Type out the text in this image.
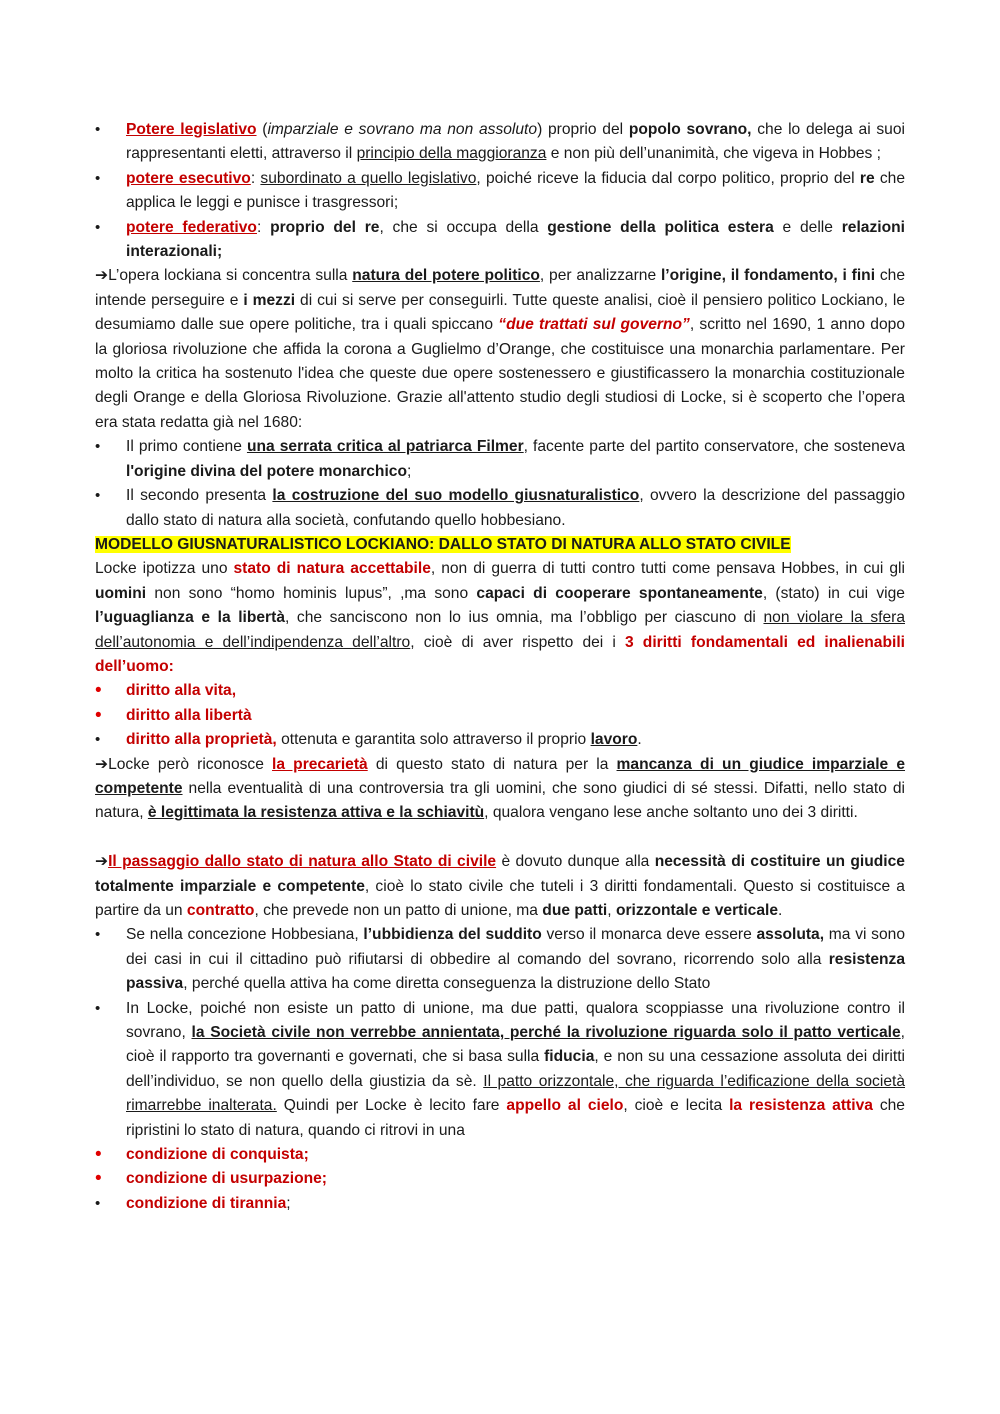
• Potere legislativo (imparziale e sovrano ma non assoluto) proprio del popolo sovrano, che lo delega ai suoi rappresentanti eletti, attraverso il principio della maggioranza e non più dell’unanimità, che vigeva in Hobbes ;
• potere esecutivo: subordinato a quello legislativo, poiché riceve la fiducia dal corpo politico, proprio del re che applica le leggi e punisce i trasgressori;
• potere federativo: proprio del re, che si occupa della gestione della politica estera e delle relazioni interazionali;

➔L’opera lockiana si concentra sulla natura del potere politico, per analizzarne l’origine, il fondamento, i fini che intende perseguire e i mezzi di cui si serve per conseguirli. Tutte queste analisi, cioè il pensiero politico Lockiano, le desumiamo dalle sue opere politiche, tra i quali spiccano “due trattati sul governo”, scritto nel 1690, 1 anno dopo la gloriosa rivoluzione che affida la corona a Guglielmo d’Orange, che costituisce una monarchia parlamentare. Per molto la critica ha sostenuto l'idea che queste due opere sostenessero e giustificassero la monarchia costituzionale degli Orange e della Gloriosa Rivoluzione. Grazie all'attento studio degli studiosi di Locke, si è scoperto che l’opera era stata redatta già nel 1680:

• Il primo contiene una serrata critica al patriarca Filmer, facente parte del partito conservatore, che sosteneva l'origine divina del potere monarchico;
• Il secondo presenta la costruzione del suo modello giusnaturalistico, ovvero la descrizione del passaggio dallo stato di natura alla società, confutando quello hobbesiano.

MODELLO GIUSNATURALISTICO LOCKIANO: DALLO STATO DI NATURA ALLO STATO CIVILE

Locke ipotizza uno stato di natura accettabile, non di guerra di tutti contro tutti come pensava Hobbes, in cui gli uomini non sono “homo hominis lupus”, ,ma sono capaci di cooperare spontaneamente, (stato) in cui vige l’uguaglianza e la libertà, che sanciscono non lo ius omnia, ma l’obbligo per ciascuno di non violare la sfera dell’autonomia e dell’indipendenza dell’altro, cioè di aver rispetto dei i 3 diritti fondamentali ed inalienabili dell’uomo:

• diritto alla vita,
• diritto alla libertà
• diritto alla proprietà, ottenuta e garantita solo attraverso il proprio lavoro.

➔Locke però riconosce la precarietà di questo stato di natura per la mancanza di un giudice imparziale e competente nella eventualità di una controversia tra gli uomini, che sono giudici di sé stessi. Difatti, nello stato di natura, è legittimata la resistenza attiva e la schiavitù, qualora vengano lese anche soltanto uno dei 3 diritti.

➔Il passaggio dallo stato di natura allo Stato di civile è dovuto dunque alla necessità di costituire un giudice totalmente imparziale e competente, cioè lo stato civile che tuteli i 3 diritti fondamentali. Questo si costituisce a partire da un contratto, che prevede non un patto di unione, ma due patti, orizzontale e verticale.

• Se nella concezione Hobbesiana, l’ubbidienza del suddito verso il monarca deve essere assoluta, ma vi sono dei casi in cui il cittadino può rifiutarsi di obbedire al comando del sovrano, ricorrendo solo alla resistenza passiva, perché quella attiva ha come diretta conseguenza la distruzione dello Stato
• In Locke, poiché non esiste un patto di unione, ma due patti, qualora scoppiasse una rivoluzione contro il sovrano, la Società civile non verrebbe annientata, perché la rivoluzione riguarda solo il patto verticale, cioè il rapporto tra governanti e governati, che si basa sulla fiducia, e non su una cessazione assoluta dei diritti dell’individuo, se non quello della giustizia da sè. Il patto orizzontale, che riguarda l’edificazione della società rimarrebbe inalterata. Quindi per Locke è lecito fare appello al cielo, cioè e lecita la resistenza attiva che ripristini lo stato di natura, quando ci ritrovi in una
• condizione di conquista;
• condizione di usurpazione;
• condizione di tirannia;
